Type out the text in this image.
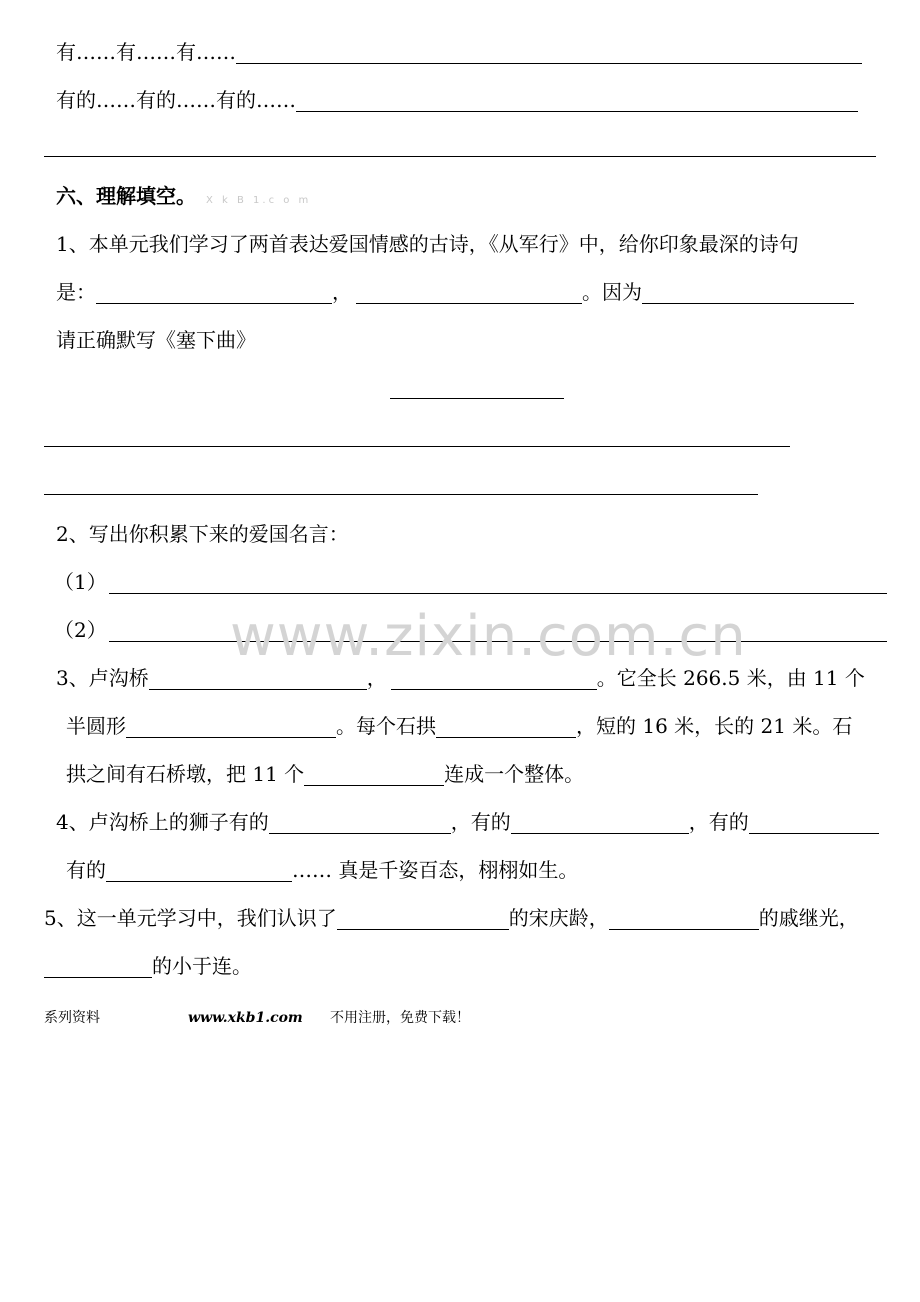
有……有……有……
有的……有的……有的……
六、理解填空。 X k B 1.c o m
1、本单元我们学习了两首表达爱国情感的古诗，《从军行》中，给你印象最深的诗句
是：	，	。因为
请正确默写《塞下曲》
2、写出你积累下来的爱国名言：
（1）
（2）
3、卢沟桥	，	。它全长 266.5 米，由 11 个
半圆形	。每个石拱	，短的 16 米，长的 21 米。石
拱之间有石桥墩，把 11 个	连成一个整体。
4、卢沟桥上的狮子有的	，有的	，有的
有的	…… 真是千姿百态，栩栩如生。
5、这一单元学习中，我们认识了	的宋庆龄，	的戚继光，
的小于连。
系列资料	www.xkb1.com 不用注册，免费下载！
www.zixin.com.cn
